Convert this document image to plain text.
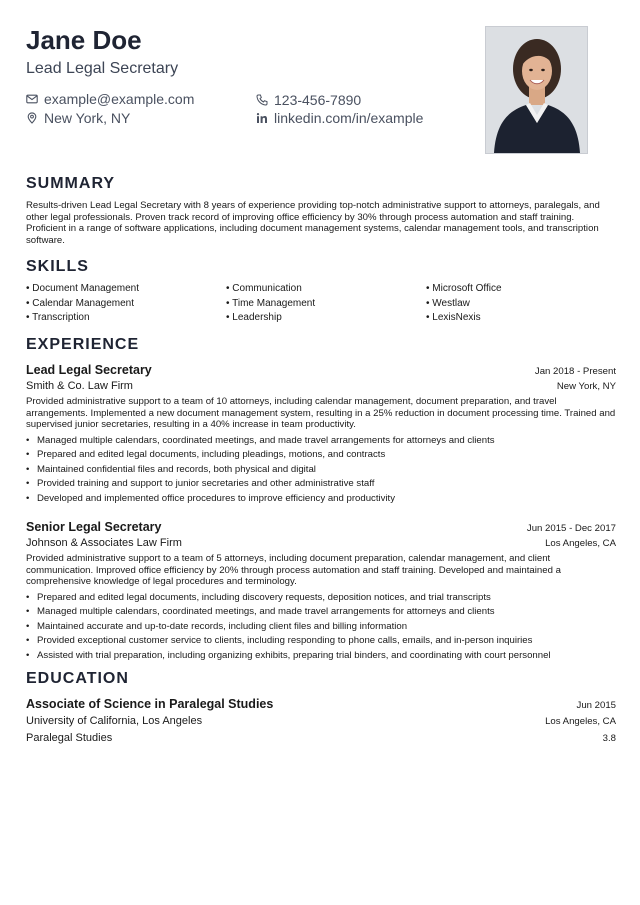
Jane Doe
Lead Legal Secretary
example@example.com	123-456-7890
New York, NY	linkedin.com/in/example
SUMMARY
Results-driven Lead Legal Secretary with 8 years of experience providing top-notch administrative support to attorneys, paralegals, and other legal professionals. Proven track record of improving office efficiency by 30% through process automation and staff training. Proficient in a range of software applications, including document management systems, calendar management tools, and transcription software.
SKILLS
• Document Management	• Communication	• Microsoft Office
• Calendar Management	• Time Management	• Westlaw
• Transcription	• Leadership	• LexisNexis
EXPERIENCE
Lead Legal Secretary	Jan 2018 - Present
Smith & Co. Law Firm	New York, NY
Provided administrative support to a team of 10 attorneys, including calendar management, document preparation, and travel arrangements. Implemented a new document management system, resulting in a 25% reduction in document processing time. Trained and supervised junior secretaries, resulting in a 40% increase in team productivity.
• Managed multiple calendars, coordinated meetings, and made travel arrangements for attorneys and clients
• Prepared and edited legal documents, including pleadings, motions, and contracts
• Maintained confidential files and records, both physical and digital
• Provided training and support to junior secretaries and other administrative staff
• Developed and implemented office procedures to improve efficiency and productivity
Senior Legal Secretary	Jun 2015 - Dec 2017
Johnson & Associates Law Firm	Los Angeles, CA
Provided administrative support to a team of 5 attorneys, including document preparation, calendar management, and client communication. Improved office efficiency by 20% through process automation and staff training. Developed and maintained a comprehensive knowledge of legal procedures and terminology.
• Prepared and edited legal documents, including discovery requests, deposition notices, and trial transcripts
• Managed multiple calendars, coordinated meetings, and made travel arrangements for attorneys and clients
• Maintained accurate and up-to-date records, including client files and billing information
• Provided exceptional customer service to clients, including responding to phone calls, emails, and in-person inquiries
• Assisted with trial preparation, including organizing exhibits, preparing trial binders, and coordinating with court personnel
EDUCATION
Associate of Science in Paralegal Studies	Jun 2015
University of California, Los Angeles	Los Angeles, CA
Paralegal Studies	3.8
